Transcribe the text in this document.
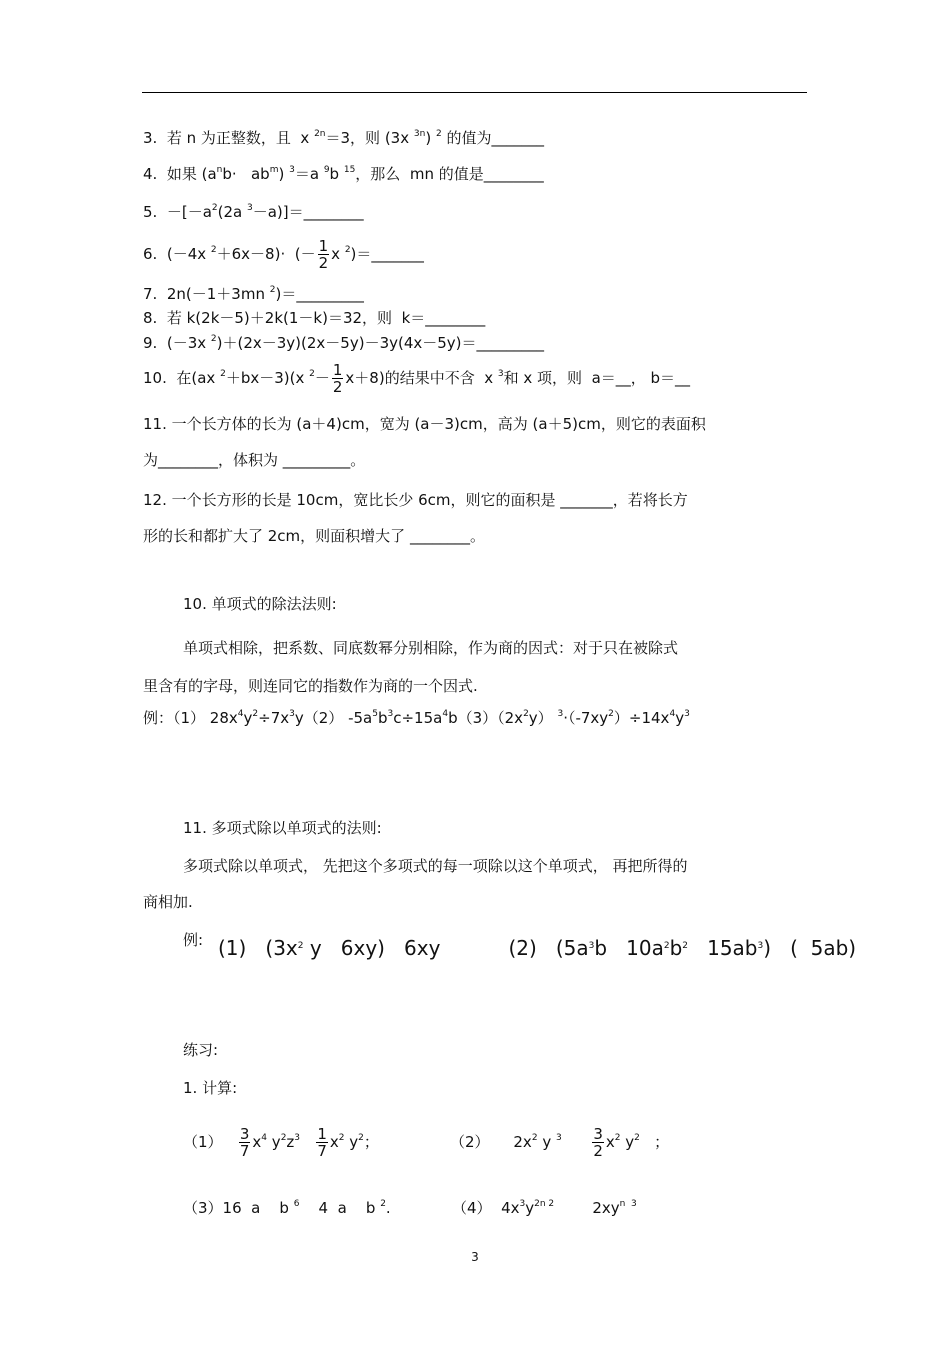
3.  若 n 为正整数，且  x $^{2n}$＝3，则 (3x $^{3n}$) $^2$ 的值为_______
4.  如果 $(a^nb\cdot ab^m)$ $^3$＝a $^9$b $^{15}$，那么  mn 的值是________
5.  $-[-a^2(2a$ $^3$－a)]＝________
6.  (－4x $^2$＋6x－8)·  (－ $\frac{1}{2}$ x $^2$)＝_______
7.  2n(－1＋3mn $^2$)＝_________
8.  若 k(2k－5)＋2k(1－k)＝32，则  k＝________
9.  (－3x $^2$)＋(2x－3y)(2x－5y)－3y(4x－5y)＝_________
10.  在(ax $^2$＋bx－3)(x $^2- \frac{1}{2} x+8$)的结果中不含  x $^3$和 x 项，则  a＝__， b＝__
11. 一个长方体的长为 (a＋4)cm，宽为 (a－3)cm，高为 (a＋5)cm，则它的表面积
为________，体积为 _________。
12. 一个长方形的长是 10cm，宽比长少 6cm，则它的面积是 _______，若将长方
形的长和都扩大了 2cm，则面积增大了 ________。
10. 单项式的除法法则:
单项式相除，把系数、同底数幂分别相除，作为商的因式：对于只在被除式
里含有的字母，则连同它的指数作为商的一个因式.
例：（1） $28x^4y^2\div 7x^3y(2)$ $-5a^5b^3c\div 15a^4b(3)(2x^2y)$ $^3\cdot(-7xy^2)\div 14x^4y^3$
11. 多项式除以单项式的法则:
多项式除以单项式， 先把这个多项式的每一项除以这个单项式， 再把所得的
商相加.
例: (1)   ($3x^2$ y   6xy)   6xy	(2)   ($5a^3b$   $10a^2b^2$   $15ab^3$)   (  5ab)
练习:
1. 计算:
$(1) \frac{3}{7} x^4$ $y^2z^3 \frac{1}{7} x^2$ $y^2$；	（2）     $2x^2$ y $^3 \frac{3}{2} x^2$ $y^2$   ；
（3）16  a    b $^6$    4  a    b $^2$.	（4）  $4x^3y^{2n 2}$        $2xy^{n 3}$
3
